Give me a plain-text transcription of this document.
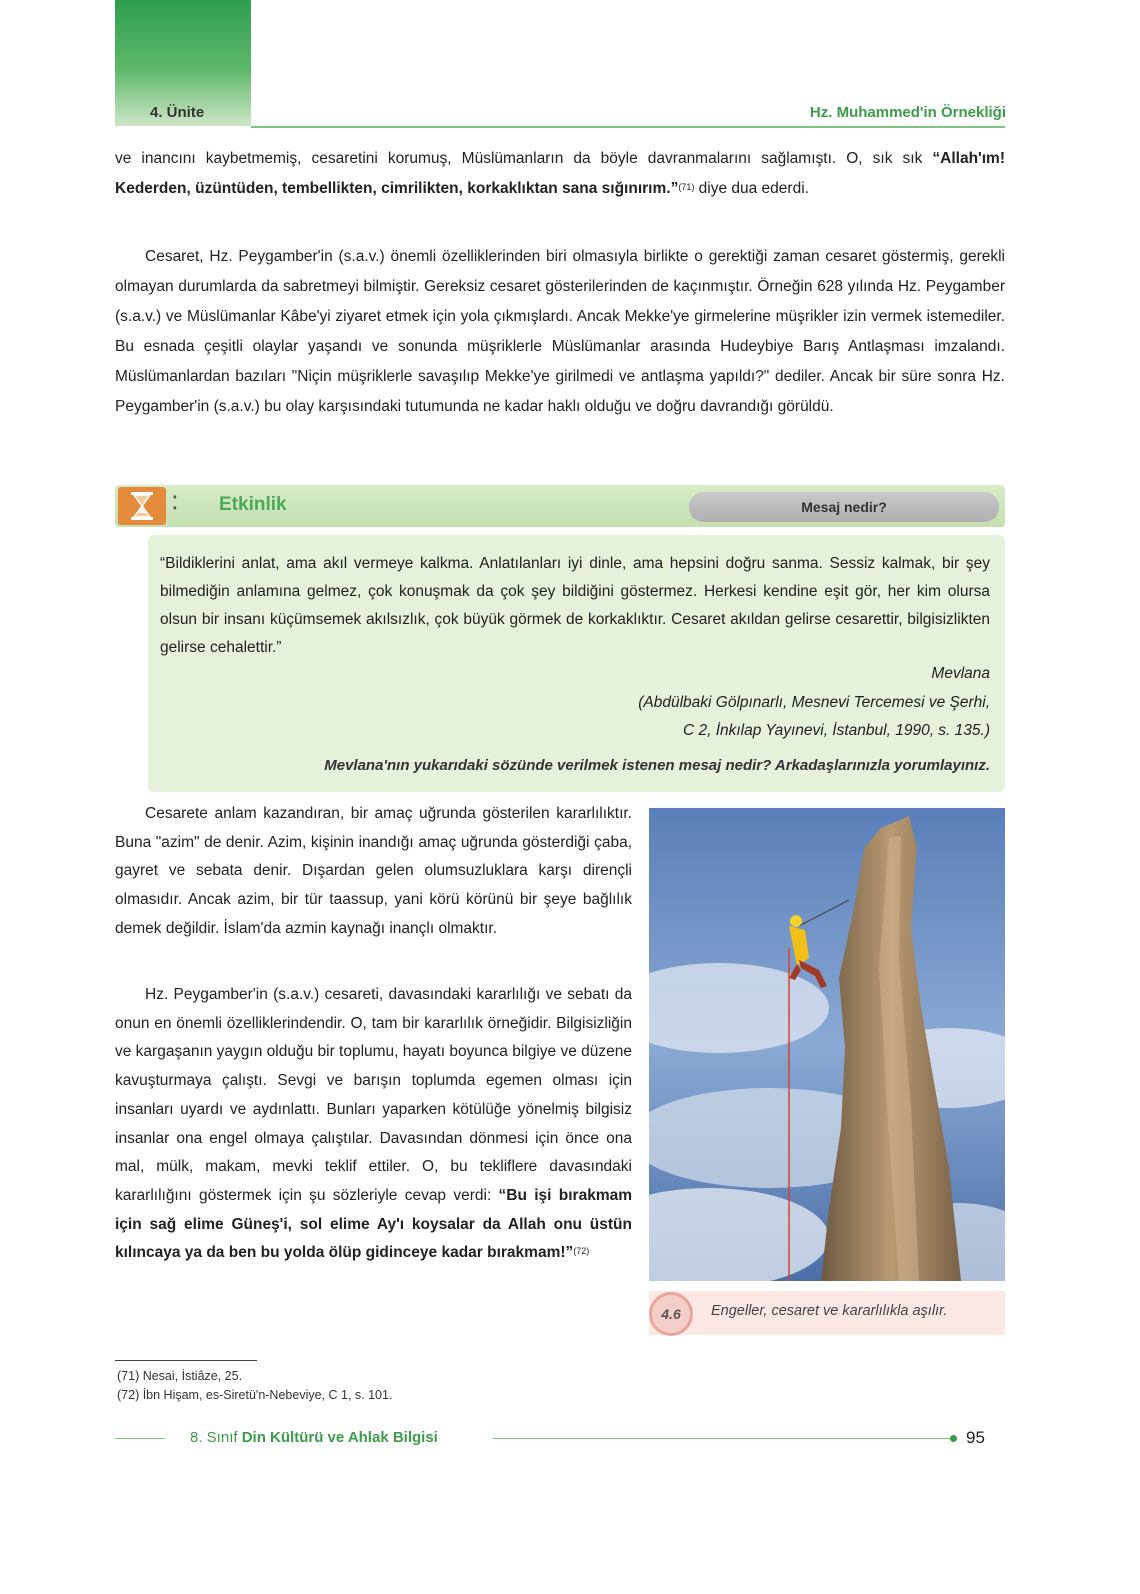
4. Ünite	Hz. Muhammed'in Örnekliği

ve inancını kaybetmemiş, cesaretini korumuş, Müslümanların da böyle davranmalarını sağlamıştı. O, sık sık “Allah'ım! Kederden, üzüntüden, tembellikten, cimrilikten, korkaklıktan sana sığınırım.”$^{(71)}$ diye dua ederdi.

Cesaret, Hz. Peygamber'in (s.a.v.) önemli özelliklerinden biri olmasıyla birlikte o gerektiği zaman cesaret göstermiş, gerekli olmayan durumlarda da sabretmeyi bilmiştir. Gereksiz cesaret gösterilerinden de kaçınmıştır. Örneğin 628 yılında Hz. Peygamber (s.a.v.) ve Müslümanlar Kâbe'yi ziyaret etmek için yola çıkmışlardı. Ancak Mekke'ye girmelerine müşrikler izin vermek istemediler. Bu esnada çeşitli olaylar yaşandı ve sonunda müşriklerle Müslümanlar arasında Hudeybiye Barış Antlaşması imzalandı. Müslümanlardan bazıları "Niçin müşriklerle savaşılıp Mekke'ye girilmedi ve antlaşma yapıldı?" dediler. Ancak bir süre sonra Hz. Peygamber'in (s.a.v.) bu olay karşısındaki tutumunda ne kadar haklı olduğu ve doğru davrandığı görüldü.

⁚ Etkinlik	Mesaj nedir?

“Bildiklerini anlat, ama akıl vermeye kalkma. Anlatılanları iyi dinle, ama hepsini doğru sanma. Sessiz kalmak, bir şey bilmediğin anlamına gelmez, çok konuşmak da çok şey bildiğini göstermez. Herkesi kendine eşit gör, her kim olursa olsun bir insanı küçümsemek akılsızlık, çok büyük görmek de korkaklıktır. Cesaret akıldan gelirse cesarettir, bilgisizlikten gelirse cehalettir.”

Mevlana
(Abdülbaki Gölpınarlı, Mesnevi Tercemesi ve Şerhi,
C 2, İnkılap Yayınevi, İstanbul, 1990, s. 135.)
Mevlana'nın yukarıdaki sözünde verilmek istenen mesaj nedir? Arkadaşlarınızla yorumlayınız.

Cesarete anlam kazandıran, bir amaç uğrunda gösterilen kararlılıktır. Buna "azim" de denir. Azim, kişinin inandığı amaç uğrunda gösterdiği çaba, gayret ve sebata denir. Dışardan gelen olumsuzluklara karşı dirençli olmasıdır. Ancak azim, bir tür taassup, yani körü körünü bir şeye bağlılık demek değildir. İslam'da azmin kaynağı inançlı olmaktır.

Hz. Peygamber'in (s.a.v.) cesareti, davasındaki kararlılığı ve sebatı da onun en önemli özelliklerindendir. O, tam bir kararlılık örneğidir. Bilgisizliğin ve kargaşanın yaygın olduğu bir toplumu, hayatı boyunca bilgiye ve düzene kavuşturmaya çalıştı. Sevgi ve barışın toplumda egemen olması için insanları uyardı ve aydınlattı. Bunları yaparken kötülüğe yönelmiş bilgisiz insanlar ona engel olmaya çalıştılar. Davasından dönmesi için önce ona mal, mülk, makam, mevki teklif ettiler. O, bu tekliflere davasındaki kararlılığını göstermek için şu sözleriyle cevap verdi: “Bu işi bırakmam için sağ elime Güneş'i, sol elime Ay'ı koysalar da Allah onu üstün kılıncaya ya da ben bu yolda ölüp gidinceye kadar bırakmam!”$^{(72)}$

4.6	Engeller, cesaret ve kararlılıkla aşılır.
(71) Nesai, İstiâze, 25.
(72) İbn Hişam, es-Siretü'n-Nebeviye, C 1, s. 101.
8. Sınıf Din Kültürü ve Ahlak Bilgisi	95
